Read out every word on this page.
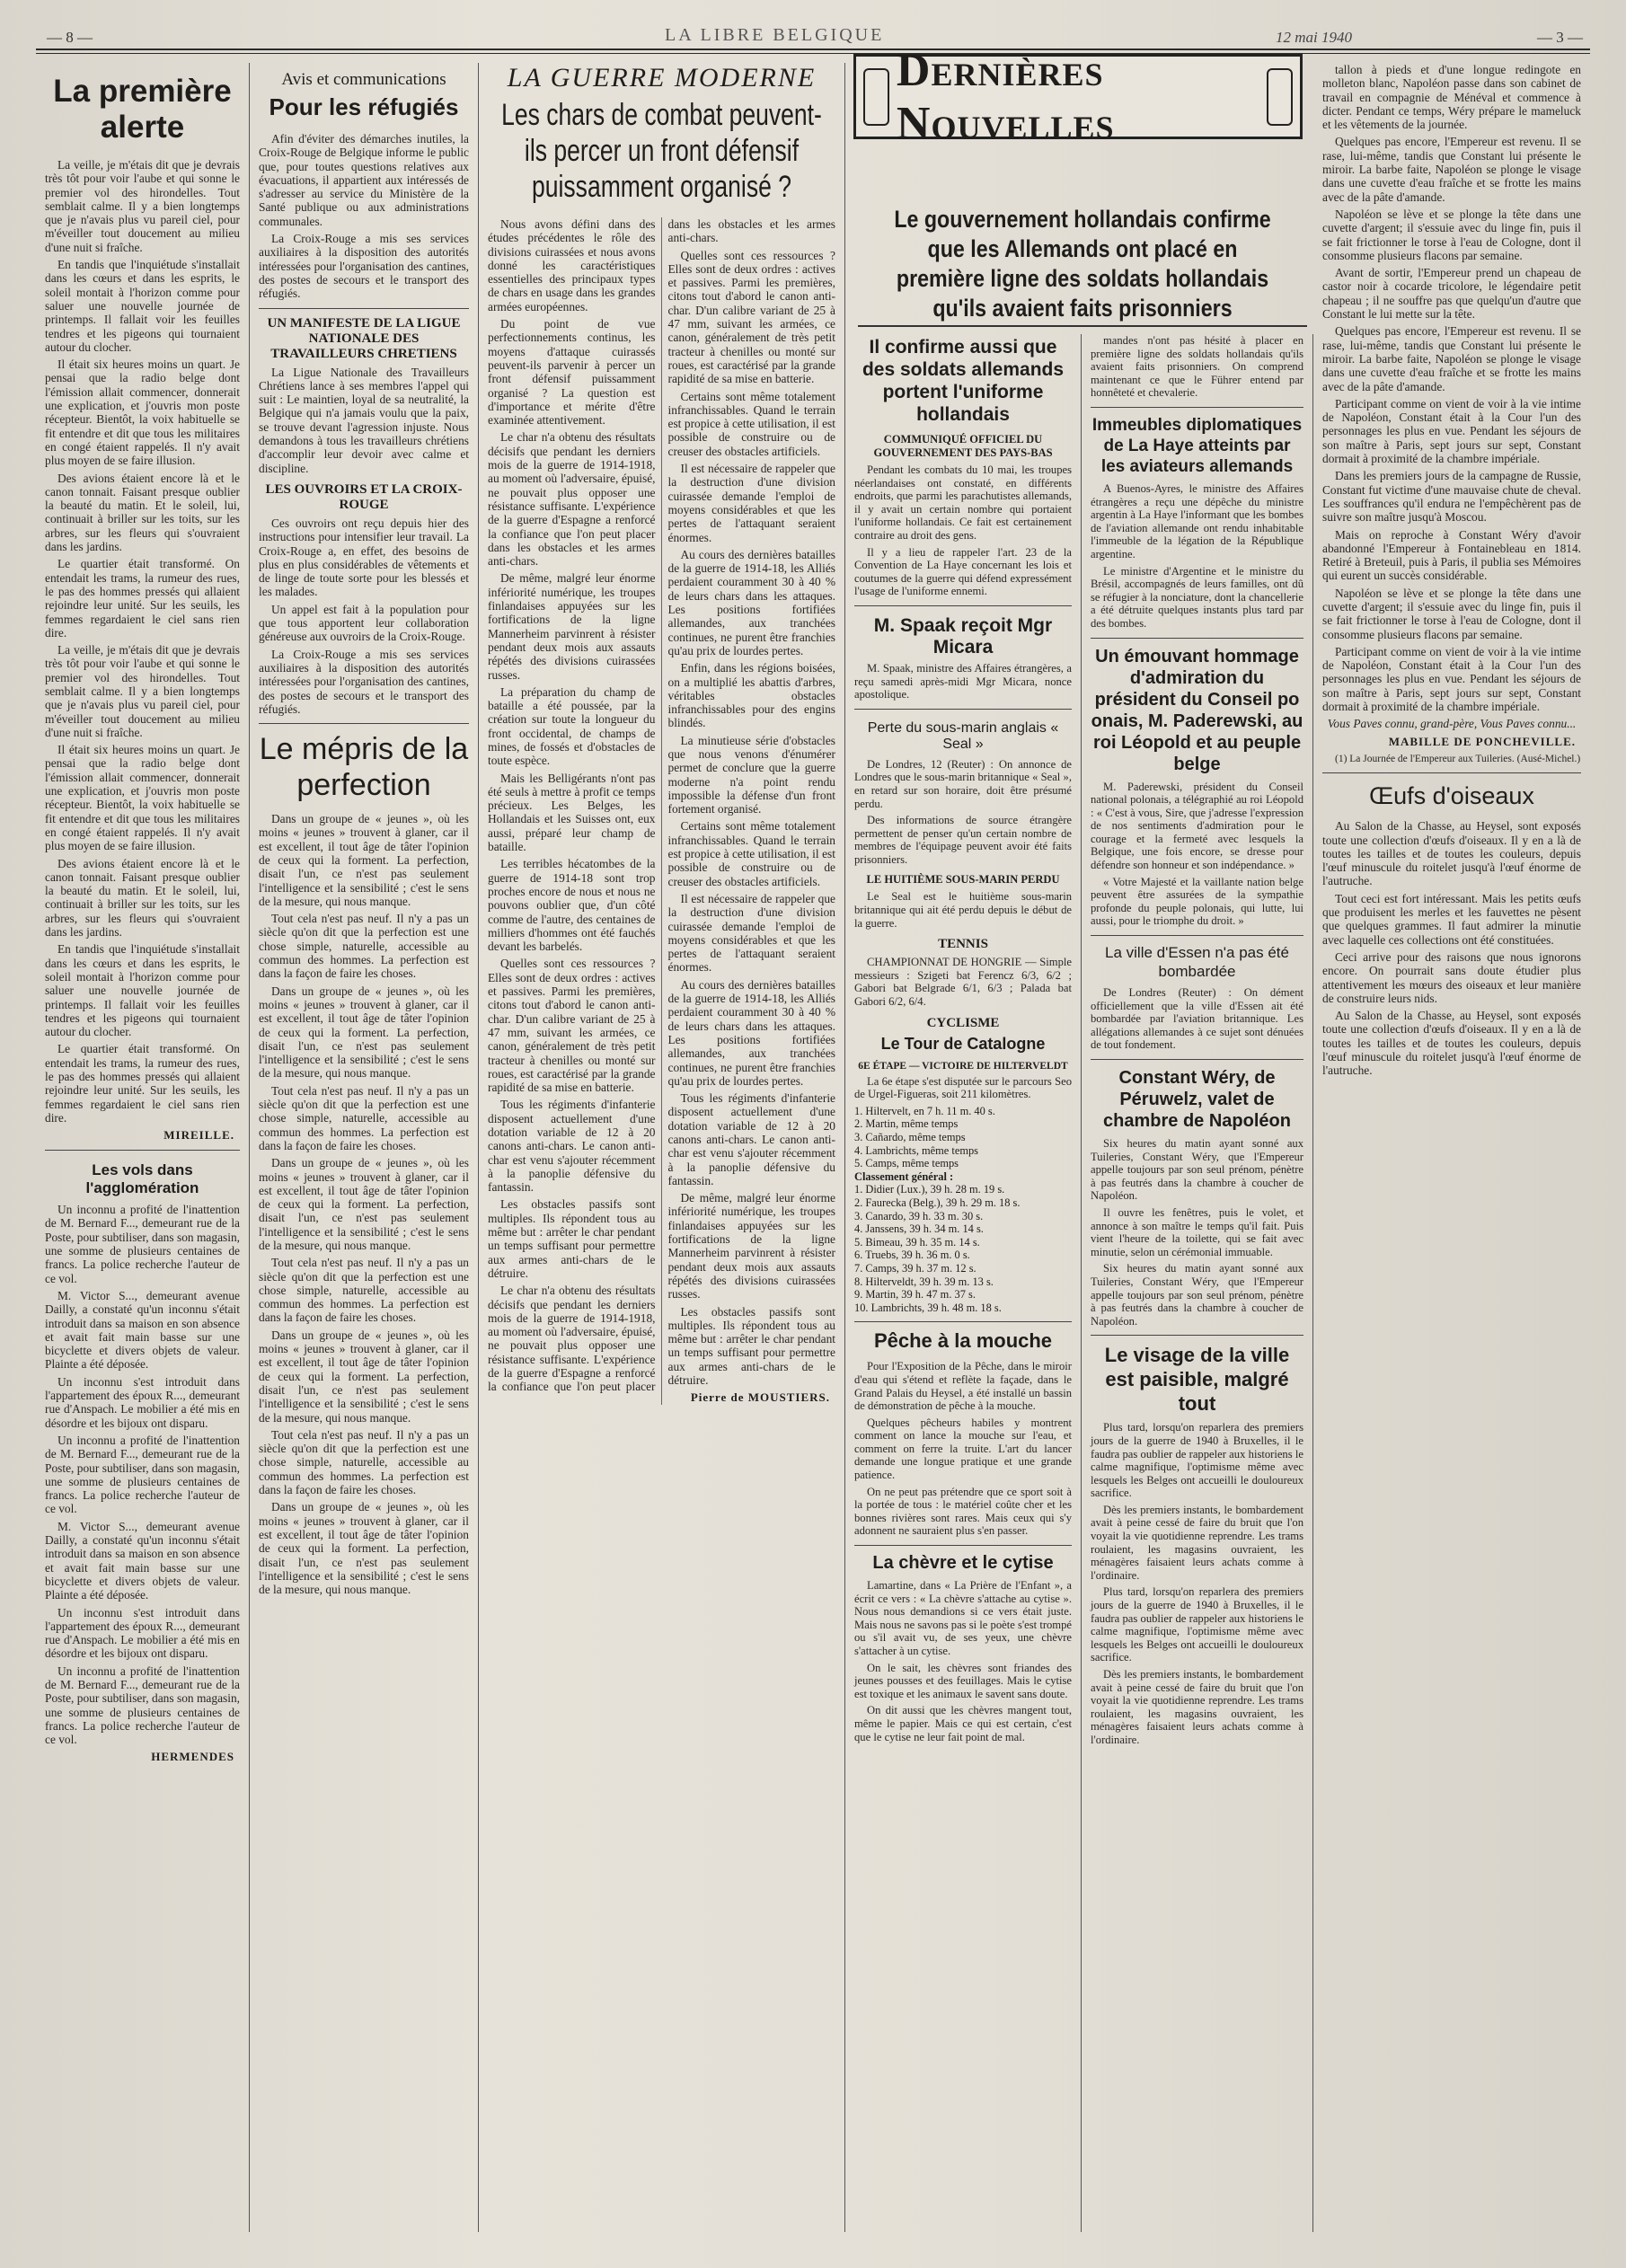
— 8 —	LA LIBRE BELGIQUE	12 mai 1940	— 3 —
La première alerte

La veille, je m'étais dit que je devrais très tôt pour voir l'aube et qui sonne le premier vol des hirondelles. Tout semblait calme. Il y a bien longtemps que je n'avais plus vu pareil ciel, pour m'éveiller tout doucement au milieu d'une nuit si fraîche.

En tandis que l'inquiétude s'installait dans les cœurs et dans les esprits, le soleil montait à l'horizon comme pour saluer une nouvelle journée de printemps. Il fallait voir les feuilles tendres et les pigeons qui tournaient autour du clocher.

Il était six heures moins un quart. Je pensai que la radio belge dont l'émission allait commencer, donnerait une explication, et j'ouvris mon poste récepteur. Bientôt, la voix habituelle se fit entendre et dit que tous les militaires en congé étaient rappelés. Il n'y avait plus moyen de se faire illusion.

Des avions étaient encore là et le canon tonnait. Faisant presque oublier la beauté du matin. Et le soleil, lui, continuait à briller sur les toits, sur les arbres, sur les fleurs qui s'ouvraient dans les jardins.

Le quartier était transformé. On entendait les trams, la rumeur des rues, le pas des hommes pressés qui allaient rejoindre leur unité. Sur les seuils, les femmes regardaient le ciel sans rien dire.

La veille, je m'étais dit que je devrais très tôt pour voir l'aube et qui sonne le premier vol des hirondelles. Tout semblait calme. Il y a bien longtemps que je n'avais plus vu pareil ciel, pour m'éveiller tout doucement au milieu d'une nuit si fraîche.

Il était six heures moins un quart. Je pensai que la radio belge dont l'émission allait commencer, donnerait une explication, et j'ouvris mon poste récepteur. Bientôt, la voix habituelle se fit entendre et dit que tous les militaires en congé étaient rappelés. Il n'y avait plus moyen de se faire illusion.

Des avions étaient encore là et le canon tonnait. Faisant presque oublier la beauté du matin. Et le soleil, lui, continuait à briller sur les toits, sur les arbres, sur les fleurs qui s'ouvraient dans les jardins.

En tandis que l'inquiétude s'installait dans les cœurs et dans les esprits, le soleil montait à l'horizon comme pour saluer une nouvelle journée de printemps. Il fallait voir les feuilles tendres et les pigeons qui tournaient autour du clocher.

Le quartier était transformé. On entendait les trams, la rumeur des rues, le pas des hommes pressés qui allaient rejoindre leur unité. Sur les seuils, les femmes regardaient le ciel sans rien dire.

MIREILLE.
Les vols dans l'agglomération

Un inconnu a profité de l'inattention de M. Bernard F..., demeurant rue de la Poste, pour subtiliser, dans son magasin, une somme de plusieurs centaines de francs. La police recherche l'auteur de ce vol.

M. Victor S..., demeurant avenue Dailly, a constaté qu'un inconnu s'était introduit dans sa maison en son absence et avait fait main basse sur une bicyclette et divers objets de valeur. Plainte a été déposée.

Un inconnu s'est introduit dans l'appartement des époux R..., demeurant rue d'Anspach. Le mobilier a été mis en désordre et les bijoux ont disparu.

Un inconnu a profité de l'inattention de M. Bernard F..., demeurant rue de la Poste, pour subtiliser, dans son magasin, une somme de plusieurs centaines de francs. La police recherche l'auteur de ce vol.

M. Victor S..., demeurant avenue Dailly, a constaté qu'un inconnu s'était introduit dans sa maison en son absence et avait fait main basse sur une bicyclette et divers objets de valeur. Plainte a été déposée.

Un inconnu s'est introduit dans l'appartement des époux R..., demeurant rue d'Anspach. Le mobilier a été mis en désordre et les bijoux ont disparu.

Un inconnu a profité de l'inattention de M. Bernard F..., demeurant rue de la Poste, pour subtiliser, dans son magasin, une somme de plusieurs centaines de francs. La police recherche l'auteur de ce vol.

HERMENDES
Avis et communications
Pour les réfugiés

Afin d'éviter des démarches inutiles, la Croix-Rouge de Belgique informe le public que, pour toutes questions relatives aux évacuations, il appartient aux intéressés de s'adresser au service du Ministère de la Santé publique ou aux administrations communales.

La Croix-Rouge a mis ses services auxiliaires à la disposition des autorités intéressées pour l'organisation des cantines, des postes de secours et le transport des réfugiés.

UN MANIFESTE DE LA LIGUE NATIONALE DES TRAVAILLEURS CHRETIENS

La Ligue Nationale des Travailleurs Chrétiens lance à ses membres l'appel qui suit : Le maintien, loyal de sa neutralité, la Belgique qui n'a jamais voulu que la paix, se trouve devant l'agression injuste. Nous demandons à tous les travailleurs chrétiens d'accomplir leur devoir avec calme et discipline.

LES OUVROIRS ET LA CROIX-ROUGE

Ces ouvroirs ont reçu depuis hier des instructions pour intensifier leur travail. La Croix-Rouge a, en effet, des besoins de plus en plus considérables de vêtements et de linge de toute sorte pour les blessés et les malades.

Un appel est fait à la population pour que tous apportent leur collaboration généreuse aux ouvroirs de la Croix-Rouge.

La Croix-Rouge a mis ses services auxiliaires à la disposition des autorités intéressées pour l'organisation des cantines, des postes de secours et le transport des réfugiés.

Le mépris de la perfection

Dans un groupe de « jeunes », où les moins « jeunes » trouvent à glaner, car il est excellent, il tout âge de tâter l'opinion de ceux qui la forment. La perfection, disait l'un, ce n'est pas seulement l'intelligence et la sensibilité ; c'est le sens de la mesure, qui nous manque.

Tout cela n'est pas neuf. Il n'y a pas un siècle qu'on dit que la perfection est une chose simple, naturelle, accessible au commun des hommes. La perfection est dans la façon de faire les choses.

Dans un groupe de « jeunes », où les moins « jeunes » trouvent à glaner, car il est excellent, il tout âge de tâter l'opinion de ceux qui la forment. La perfection, disait l'un, ce n'est pas seulement l'intelligence et la sensibilité ; c'est le sens de la mesure, qui nous manque.

Tout cela n'est pas neuf. Il n'y a pas un siècle qu'on dit que la perfection est une chose simple, naturelle, accessible au commun des hommes. La perfection est dans la façon de faire les choses.

Dans un groupe de « jeunes », où les moins « jeunes » trouvent à glaner, car il est excellent, il tout âge de tâter l'opinion de ceux qui la forment. La perfection, disait l'un, ce n'est pas seulement l'intelligence et la sensibilité ; c'est le sens de la mesure, qui nous manque.

Tout cela n'est pas neuf. Il n'y a pas un siècle qu'on dit que la perfection est une chose simple, naturelle, accessible au commun des hommes. La perfection est dans la façon de faire les choses.

Dans un groupe de « jeunes », où les moins « jeunes » trouvent à glaner, car il est excellent, il tout âge de tâter l'opinion de ceux qui la forment. La perfection, disait l'un, ce n'est pas seulement l'intelligence et la sensibilité ; c'est le sens de la mesure, qui nous manque.

Tout cela n'est pas neuf. Il n'y a pas un siècle qu'on dit que la perfection est une chose simple, naturelle, accessible au commun des hommes. La perfection est dans la façon de faire les choses.

Dans un groupe de « jeunes », où les moins « jeunes » trouvent à glaner, car il est excellent, il tout âge de tâter l'opinion de ceux qui la forment. La perfection, disait l'un, ce n'est pas seulement l'intelligence et la sensibilité ; c'est le sens de la mesure, qui nous manque.

LA GUERRE MODERNE
Les chars de combat peuvent-ils percer un front défensif puissamment organisé ?

Nous avons défini dans des études précédentes le rôle des divisions cuirassées et nous avons donné les caractéristiques essentielles des principaux types de chars en usage dans les grandes armées européennes.

Du point de vue perfectionnements continus, les moyens d'attaque cuirassés peuvent-ils parvenir à percer un front défensif puissamment organisé ? La question est d'importance et mérite d'être examinée attentivement.

Le char n'a obtenu des résultats décisifs que pendant les derniers mois de la guerre de 1914-1918, au moment où l'adversaire, épuisé, ne pouvait plus opposer une résistance suffisante. L'expérience de la guerre d'Espagne a renforcé la confiance que l'on peut placer dans les obstacles et les armes anti-chars.

De même, malgré leur énorme infériorité numérique, les troupes finlandaises appuyées sur les fortifications de la ligne Mannerheim parvinrent à résister pendant deux mois aux assauts répétés des divisions cuirassées russes.

La préparation du champ de bataille a été poussée, par la création sur toute la longueur du front occidental, de champs de mines, de fossés et d'obstacles de toute espèce.

Mais les Belligérants n'ont pas été seuls à mettre à profit ce temps précieux. Les Belges, les Hollandais et les Suisses ont, eux aussi, préparé leur champ de bataille.

Les terribles hécatombes de la guerre de 1914-18 sont trop proches encore de nous et nous ne pouvons oublier que, d'un côté comme de l'autre, des centaines de milliers d'hommes ont été fauchés devant les barbelés.

Quelles sont ces ressources ? Elles sont de deux ordres : actives et passives. Parmi les premières, citons tout d'abord le canon anti-char. D'un calibre variant de 25 à 47 mm, suivant les armées, ce canon, généralement de très petit tracteur à chenilles ou monté sur roues, est caractérisé par la grande rapidité de sa mise en batterie.

Tous les régiments d'infanterie disposent actuellement d'une dotation variable de 12 à 20 canons anti-chars. Le canon anti-char est venu s'ajouter récemment à la panoplie défensive du fantassin.

Les obstacles passifs sont multiples. Ils répondent tous au même but : arrêter le char pendant un temps suffisant pour permettre aux armes anti-chars de le détruire.

Le char n'a obtenu des résultats décisifs que pendant les derniers mois de la guerre de 1914-1918, au moment où l'adversaire, épuisé, ne pouvait plus opposer une résistance suffisante. L'expérience de la guerre d'Espagne a renforcé la confiance que l'on peut placer dans les obstacles et les armes anti-chars.

Quelles sont ces ressources ? Elles sont de deux ordres : actives et passives. Parmi les premières, citons tout d'abord le canon anti-char. D'un calibre variant de 25 à 47 mm, suivant les armées, ce canon, généralement de très petit tracteur à chenilles ou monté sur roues, est caractérisé par la grande rapidité de sa mise en batterie.

Certains sont même totalement infranchissables. Quand le terrain est propice à cette utilisation, il est possible de construire ou de creuser des obstacles artificiels.

Il est nécessaire de rappeler que la destruction d'une division cuirassée demande l'emploi de moyens considérables et que les pertes de l'attaquant seraient énormes.

Au cours des dernières batailles de la guerre de 1914-18, les Alliés perdaient couramment 30 à 40 % de leurs chars dans les attaques. Les positions fortifiées allemandes, aux tranchées continues, ne purent être franchies qu'au prix de lourdes pertes.

Enfin, dans les régions boisées, on a multiplié les abattis d'arbres, véritables obstacles infranchissables pour des engins blindés.

La minutieuse série d'obstacles que nous venons d'énumérer permet de conclure que la guerre moderne n'a point rendu impossible la défense d'un front fortement organisé.

Certains sont même totalement infranchissables. Quand le terrain est propice à cette utilisation, il est possible de construire ou de creuser des obstacles artificiels.

Il est nécessaire de rappeler que la destruction d'une division cuirassée demande l'emploi de moyens considérables et que les pertes de l'attaquant seraient énormes.

Au cours des dernières batailles de la guerre de 1914-18, les Alliés perdaient couramment 30 à 40 % de leurs chars dans les attaques. Les positions fortifiées allemandes, aux tranchées continues, ne purent être franchies qu'au prix de lourdes pertes.

Tous les régiments d'infanterie disposent actuellement d'une dotation variable de 12 à 20 canons anti-chars. Le canon anti-char est venu s'ajouter récemment à la panoplie défensive du fantassin.

De même, malgré leur énorme infériorité numérique, les troupes finlandaises appuyées sur les fortifications de la ligne Mannerheim parvinrent à résister pendant deux mois aux assauts répétés des divisions cuirassées russes.

Les obstacles passifs sont multiples. Ils répondent tous au même but : arrêter le char pendant un temps suffisant pour permettre aux armes anti-chars de le détruire.

Pierre de MOUSTIERS.
Dernières Nouvelles
Le gouvernement hollandais confirme que les Allemands ont placé en première ligne des soldats hollandais qu'ils avaient faits prisonniers
Il confirme aussi que des soldats allemands portent l'uniforme hollandais
COMMUNIQUÉ OFFICIEL DU GOUVERNEMENT DES PAYS-BAS

Pendant les combats du 10 mai, les troupes néerlandaises ont constaté, en différents endroits, que parmi les parachutistes allemands, il y avait un certain nombre qui portaient l'uniforme hollandais. Ce fait est certainement contraire au droit des gens.

Il y a lieu de rappeler l'art. 23 de la Convention de La Haye concernant les lois et coutumes de la guerre qui défend expressément l'usage de l'uniforme ennemi.

M. Spaak reçoit Mgr Micara

M. Spaak, ministre des Affaires étrangères, a reçu samedi après-midi Mgr Micara, nonce apostolique.

Perte du sous-marin anglais « Seal »

De Londres, 12 (Reuter) : On annonce de Londres que le sous-marin britannique « Seal », en retard sur son horaire, doit être présumé perdu.

Des informations de source étrangère permettent de penser qu'un certain nombre de membres de l'équipage peuvent avoir été faits prisonniers.

LE HUITIÈME SOUS-MARIN PERDU

Le Seal est le huitième sous-marin britannique qui ait été perdu depuis le début de la guerre.

TENNIS

CHAMPIONNAT DE HONGRIE — Simple messieurs : Szigeti bat Ferencz 6/3, 6/2 ; Gabori bat Belgrade 6/1, 6/3 ; Palada bat Gabori 6/2, 6/4.

CYCLISME
Le Tour de Catalogne
6E ÉTAPE — VICTOIRE DE HILTERVELDT

La 6e étape s'est disputée sur le parcours Seo de Urgel-Figueras, soit 211 kilomètres.

1. Hiltervelt, en 7 h. 11 m. 40 s.

2. Martin, même temps

3. Cañardo, même temps

4. Lambrichts, même temps

5. Camps, même temps

Classement général :

1. Didier (Lux.), 39 h. 28 m. 19 s.

2. Faurecka (Belg.), 39 h. 29 m. 18 s.

3. Canardo, 39 h. 33 m. 30 s.

4. Janssens, 39 h. 34 m. 14 s.

5. Bimeau, 39 h. 35 m. 14 s.

6. Truebs, 39 h. 36 m. 0 s.

7. Camps, 39 h. 37 m. 12 s.

8. Hilterveldt, 39 h. 39 m. 13 s.

9. Martin, 39 h. 47 m. 37 s.

10. Lambrichts, 39 h. 48 m. 18 s.

Pêche à la mouche

Pour l'Exposition de la Pêche, dans le miroir d'eau qui s'étend et reflète la façade, dans le Grand Palais du Heysel, a été installé un bassin de démonstration de pêche à la mouche.

Quelques pêcheurs habiles y montrent comment on lance la mouche sur l'eau, et comment on ferre la truite. L'art du lancer demande une longue pratique et une grande patience.

On ne peut pas prétendre que ce sport soit à la portée de tous : le matériel coûte cher et les bonnes rivières sont rares. Mais ceux qui s'y adonnent ne sauraient plus s'en passer.

La chèvre et le cytise

Lamartine, dans « La Prière de l'Enfant », a écrit ce vers : « La chèvre s'attache au cytise ». Nous nous demandions si ce vers était juste. Mais nous ne savons pas si le poète s'est trompé ou s'il avait vu, de ses yeux, une chèvre s'attacher à un cytise.

On le sait, les chèvres sont friandes des jeunes pousses et des feuillages. Mais le cytise est toxique et les animaux le savent sans doute.

On dit aussi que les chèvres mangent tout, même le papier. Mais ce qui est certain, c'est que le cytise ne leur fait point de mal.

mandes n'ont pas hésité à placer en première ligne des soldats hollandais qu'ils avaient faits prisonniers. On comprend maintenant ce que le Führer entend par honnêteté et chevalerie.

Immeubles diplomatiques de La Haye atteints par les aviateurs allemands

A Buenos-Ayres, le ministre des Affaires étrangères a reçu une dépêche du ministre argentin à La Haye l'informant que les bombes de l'aviation allemande ont rendu inhabitable l'immeuble de la légation de la République argentine.

Le ministre d'Argentine et le ministre du Brésil, accompagnés de leurs familles, ont dû se réfugier à la nonciature, dont la chancellerie a été détruite quelques instants plus tard par des bombes.

Un émouvant hommage d'admiration du président du Conseil po onais, M. Paderewski, au roi Léopold et au peuple belge

M. Paderewski, président du Conseil national polonais, a télégraphié au roi Léopold : « C'est à vous, Sire, que j'adresse l'expression de nos sentiments d'admiration pour le courage et la fermeté avec lesquels la Belgique, une fois encore, se dresse pour défendre son honneur et son indépendance. »

« Votre Majesté et la vaillante nation belge peuvent être assurées de la sympathie profonde du peuple polonais, qui lutte, lui aussi, pour le triomphe du droit. »

La ville d'Essen n'a pas été bombardée

De Londres (Reuter) : On dément officiellement que la ville d'Essen ait été bombardée par l'aviation britannique. Les allégations allemandes à ce sujet sont dénuées de tout fondement.

Constant Wéry, de Péruwelz, valet de chambre de Napoléon

Six heures du matin ayant sonné aux Tuileries, Constant Wéry, que l'Empereur appelle toujours par son seul prénom, pénètre à pas feutrés dans la chambre à coucher de Napoléon.

Il ouvre les fenêtres, puis le volet, et annonce à son maître le temps qu'il fait. Puis vient l'heure de la toilette, qui se fait avec minutie, selon un cérémonial immuable.

Six heures du matin ayant sonné aux Tuileries, Constant Wéry, que l'Empereur appelle toujours par son seul prénom, pénètre à pas feutrés dans la chambre à coucher de Napoléon.

Le visage de la ville est paisible, malgré tout

Plus tard, lorsqu'on reparlera des premiers jours de la guerre de 1940 à Bruxelles, il le faudra pas oublier de rappeler aux historiens le calme magnifique, l'optimisme même avec lesquels les Belges ont accueilli le douloureux sacrifice.

Dès les premiers instants, le bombardement avait à peine cessé de faire du bruit que l'on voyait la vie quotidienne reprendre. Les trams roulaient, les magasins ouvraient, les ménagères faisaient leurs achats comme à l'ordinaire.

Plus tard, lorsqu'on reparlera des premiers jours de la guerre de 1940 à Bruxelles, il le faudra pas oublier de rappeler aux historiens le calme magnifique, l'optimisme même avec lesquels les Belges ont accueilli le douloureux sacrifice.

Dès les premiers instants, le bombardement avait à peine cessé de faire du bruit que l'on voyait la vie quotidienne reprendre. Les trams roulaient, les magasins ouvraient, les ménagères faisaient leurs achats comme à l'ordinaire.

tallon à pieds et d'une longue redingote en molleton blanc, Napoléon passe dans son cabinet de travail en compagnie de Ménéval et commence à dicter. Pendant ce temps, Wéry prépare le mameluck et les vêtements de la journée.

Quelques pas encore, l'Empereur est revenu. Il se rase, lui-même, tandis que Constant lui présente le miroir. La barbe faite, Napoléon se plonge le visage dans une cuvette d'eau fraîche et se frotte les mains avec de la pâte d'amande.

Napoléon se lève et se plonge la tête dans une cuvette d'argent; il s'essuie avec du linge fin, puis il se fait frictionner le torse à l'eau de Cologne, dont il consomme plusieurs flacons par semaine.

Avant de sortir, l'Empereur prend un chapeau de castor noir à cocarde tricolore, le légendaire petit chapeau ; il ne souffre pas que quelqu'un d'autre que Constant le lui mette sur la tête.

Quelques pas encore, l'Empereur est revenu. Il se rase, lui-même, tandis que Constant lui présente le miroir. La barbe faite, Napoléon se plonge le visage dans une cuvette d'eau fraîche et se frotte les mains avec de la pâte d'amande.

Participant comme on vient de voir à la vie intime de Napoléon, Constant était à la Cour l'un des personnages les plus en vue. Pendant les séjours de son maître à Paris, sept jours sur sept, Constant dormait à proximité de la chambre impériale.

Dans les premiers jours de la campagne de Russie, Constant fut victime d'une mauvaise chute de cheval. Les souffrances qu'il endura ne l'empêchèrent pas de suivre son maître jusqu'à Moscou.

Mais on reproche à Constant Wéry d'avoir abandonné l'Empereur à Fontainebleau en 1814. Retiré à Breteuil, puis à Paris, il publia ses Mémoires qui eurent un succès considérable.

Napoléon se lève et se plonge la tête dans une cuvette d'argent; il s'essuie avec du linge fin, puis il se fait frictionner le torse à l'eau de Cologne, dont il consomme plusieurs flacons par semaine.

Participant comme on vient de voir à la vie intime de Napoléon, Constant était à la Cour l'un des personnages les plus en vue. Pendant les séjours de son maître à Paris, sept jours sur sept, Constant dormait à proximité de la chambre impériale.

Vous Paves connu, grand-père, Vous Paves connu...

MABILLE DE PONCHEVILLE.

(1) La Journée de l'Empereur aux Tuileries. (Ausé-Michel.)

Œufs d'oiseaux

Au Salon de la Chasse, au Heysel, sont exposés toute une collection d'œufs d'oiseaux. Il y en a là de toutes les tailles et de toutes les couleurs, depuis l'œuf minuscule du roitelet jusqu'à l'œuf énorme de l'autruche.

Tout ceci est fort intéressant. Mais les petits œufs que produisent les merles et les fauvettes ne pèsent que quelques grammes. Il faut admirer la minutie avec laquelle ces collections ont été constituées.

Ceci arrive pour des raisons que nous ignorons encore. On pourrait sans doute étudier plus attentivement les mœurs des oiseaux et leur manière de construire leurs nids.

Au Salon de la Chasse, au Heysel, sont exposés toute une collection d'œufs d'oiseaux. Il y en a là de toutes les tailles et de toutes les couleurs, depuis l'œuf minuscule du roitelet jusqu'à l'œuf énorme de l'autruche.
